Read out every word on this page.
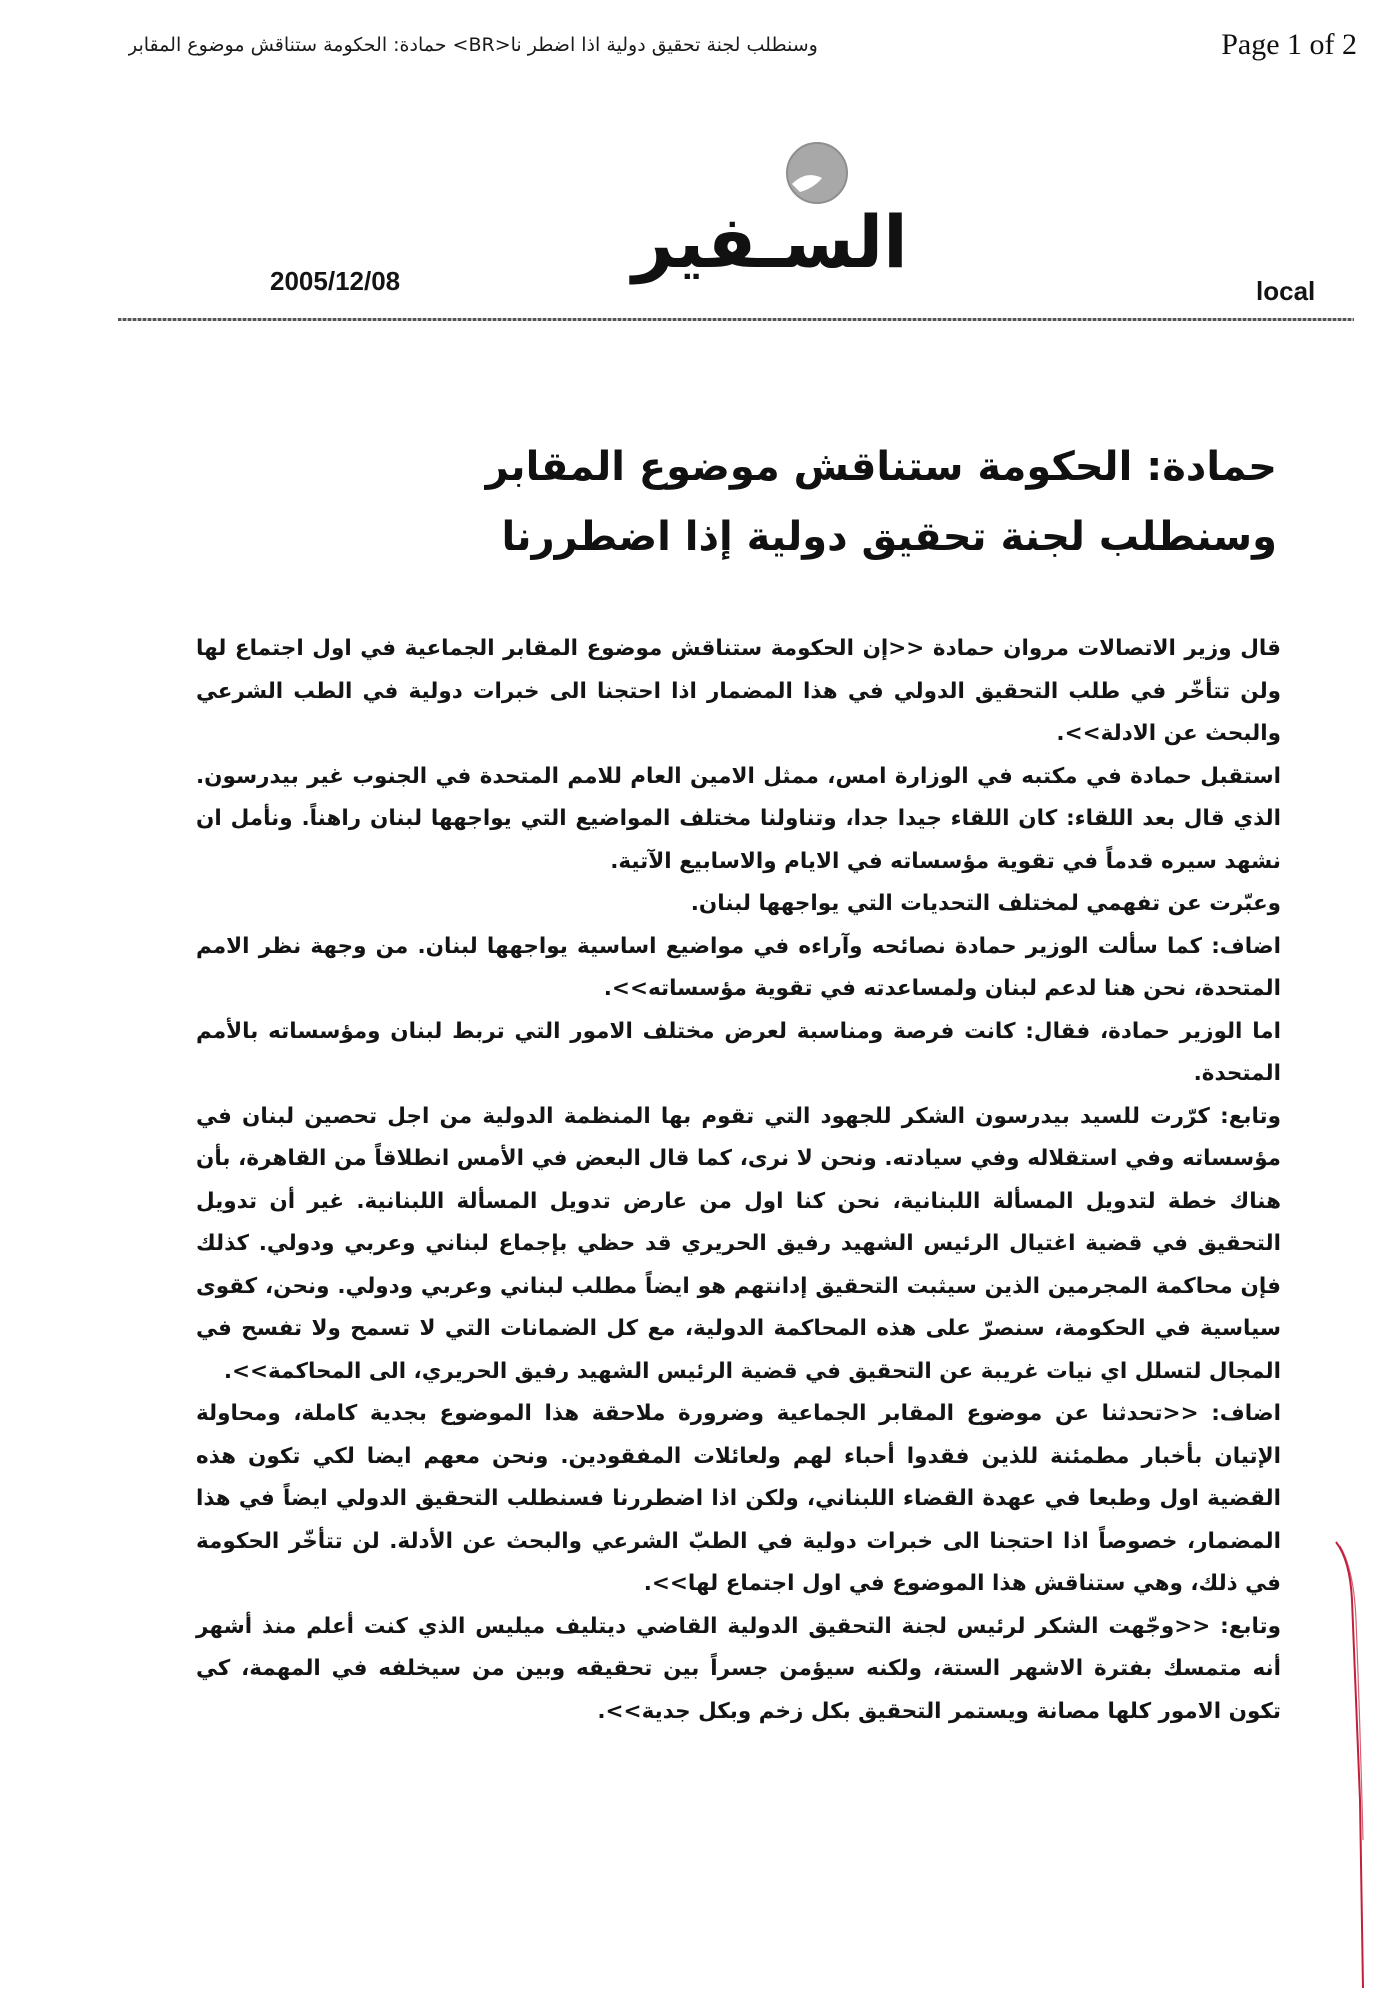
وسنطلب لجنة تحقيق دولية اذا اضطر نا<BR> حمادة: الحكومة ستناقش موضوع المقابر	Page 1 of 2
السـفير
2005/12/08	local
حمادة: الحكومة ستناقش موضوع المقابر
وسنطلب لجنة تحقيق دولية إذا اضطررنا

قال وزير الاتصالات مروان حمادة <<إن الحكومة ستناقش موضوع المقابر الجماعية في اول اجتماع لها ولن تتأخّر في طلب التحقيق الدولي في هذا المضمار اذا احتجنا الى خبرات دولية في الطب الشرعي والبحث عن الادلة>>.

استقبل حمادة في مكتبه في الوزارة امس، ممثل الامين العام للامم المتحدة في الجنوب غير بيدرسون. الذي قال بعد اللقاء: كان اللقاء جيدا جدا، وتناولنا مختلف المواضيع التي يواجهها لبنان راهناً. ونأمل ان نشهد سيره قدماً في تقوية مؤسساته في الايام والاسابيع الآتية.

وعبّرت عن تفهمي لمختلف التحديات التي يواجهها لبنان.

اضاف: كما سألت الوزير حمادة نصائحه وآراءه في مواضيع اساسية يواجهها لبنان. من وجهة نظر الامم المتحدة، نحن هنا لدعم لبنان ولمساعدته في تقوية مؤسساته>>.

اما الوزير حمادة، فقال: كانت فرصة ومناسبة لعرض مختلف الامور التي تربط لبنان ومؤسساته بالأمم المتحدة.

وتابع: كرّرت للسيد بيدرسون الشكر للجهود التي تقوم بها المنظمة الدولية من اجل تحصين لبنان في مؤسساته وفي استقلاله وفي سيادته. ونحن لا نرى، كما قال البعض في الأمس انطلاقاً من القاهرة، بأن هناك خطة لتدويل المسألة اللبنانية، نحن كنا اول من عارض تدويل المسألة اللبنانية. غير أن تدويل التحقيق في قضية اغتيال الرئيس الشهيد رفيق الحريري قد حظي بإجماع لبناني وعربي ودولي. كذلك فإن محاكمة المجرمين الذين سيثبت التحقيق إدانتهم هو ايضاً مطلب لبناني وعربي ودولي. ونحن، كقوى سياسية في الحكومة، سنصرّ على هذه المحاكمة الدولية، مع كل الضمانات التي لا تسمح ولا تفسح في المجال لتسلل اي نيات غريبة عن التحقيق في قضية الرئيس الشهيد رفيق الحريري، الى المحاكمة>>.

اضاف: <<تحدثنا عن موضوع المقابر الجماعية وضرورة ملاحقة هذا الموضوع بجدية كاملة، ومحاولة الإتيان بأخبار مطمئنة للذين فقدوا أحباء لهم ولعائلات المفقودين. ونحن معهم ايضا لكي تكون هذه القضية اول وطبعا في عهدة القضاء اللبناني، ولكن اذا اضطررنا فسنطلب التحقيق الدولي ايضاً في هذا المضمار، خصوصاً اذا احتجنا الى خبرات دولية في الطبّ الشرعي والبحث عن الأدلة. لن تتأخّر الحكومة في ذلك، وهي ستناقش هذا الموضوع في اول اجتماع لها>>.

وتابع: <<وجّهت الشكر لرئيس لجنة التحقيق الدولية القاضي ديتليف ميليس الذي كنت أعلم منذ أشهر أنه متمسك بفترة الاشهر الستة، ولكنه سيؤمن جسراً بين تحقيقه وبين من سيخلفه في المهمة، كي تكون الامور كلها مصانة ويستمر التحقيق بكل زخم وبكل جدية>>.
